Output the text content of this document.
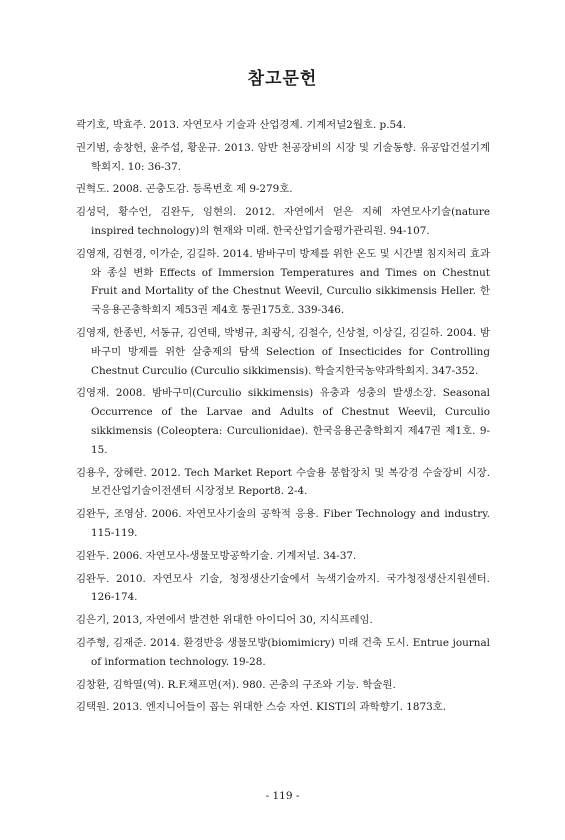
참고문헌

곽기호, 박효주. 2013. 자연모사 기술과 산업경제. 기계저널2월호. p.54.

권기범, 송창헌, 윤주섭, 황운규. 2013. 암반 천공장비의 시장 및 기술동향. 유공압건설기계학회지. 10: 36-37.

권혁도. 2008. 곤충도감. 등록번호 제 9-279호.

김성덕, 황수언, 김완두, 임현의. 2012. 자연에서 얻은 지혜 자연모사기술(nature inspired technology)의 현재와 미래. 한국산업기술평가관리원. 94-107.

김영재, 김현경, 이가순, 김길하. 2014. 밤바구미 방제를 위한 온도 및 시간별 침지처리 효과와 종실 변화 Effects of Immersion Temperatures and Times on Chestnut Fruit and Mortality of the Chestnut Weevil, Curculio sikkimensis Heller. 한국응용곤충학회지 제53권 제4호 통권175호. 339-346.

김영재, 한종빈, 서동규, 김연태, 박병규, 최광식, 김철수, 신상철, 이상길, 김길하. 2004. 밤바구미 방제를 위한 살충제의 탐색 Selection of Insecticides for Controlling Chestnut Curculio (Curculio sikkimensis). 학술지한국농약과학회지. 347-352.

김영재. 2008. 밤바구미(Curculio sikkimensis) 유충과 성충의 발생소장. Seasonal Occurrence of the Larvae and Adults of Chestnut Weevil, Curculio sikkimensis (Coleoptera: Curculionidae). 한국응용곤충학회지 제47권 제1호. 9-15.

김용우, 장혜란. 2012. Tech Market Report 수술용 봉합장치 및 복강경 수술장비 시장. 보건산업기술이전센터 시장정보 Report8. 2-4.

김완두, 조영삼. 2006. 자연모사기술의 공학적 응용. Fiber Technology and industry. 115-119.

김완두. 2006. 자연모사-생물모방공학기술. 기계저널. 34-37.

김완두. 2010. 자연모사 기술, 청정생산기술에서 녹색기술까지. 국가청정생산지원센터. 126-174.

김은기, 2013, 자연에서 발견한 위대한 아이디어 30, 지식프레임.

김주형, 김재준. 2014. 환경반응 생물모방(biomimicry) 미래 건축 도시. Entrue journal of information technology. 19-28.

김창환, 김학열(역). R.F.채프먼(저). 980. 곤충의 구조와 기능. 학술원.

김택원. 2013. 엔지니어들이 꼽는 위대한 스승 자연. KISTI의 과학향기. 1873호.

- 119 -
